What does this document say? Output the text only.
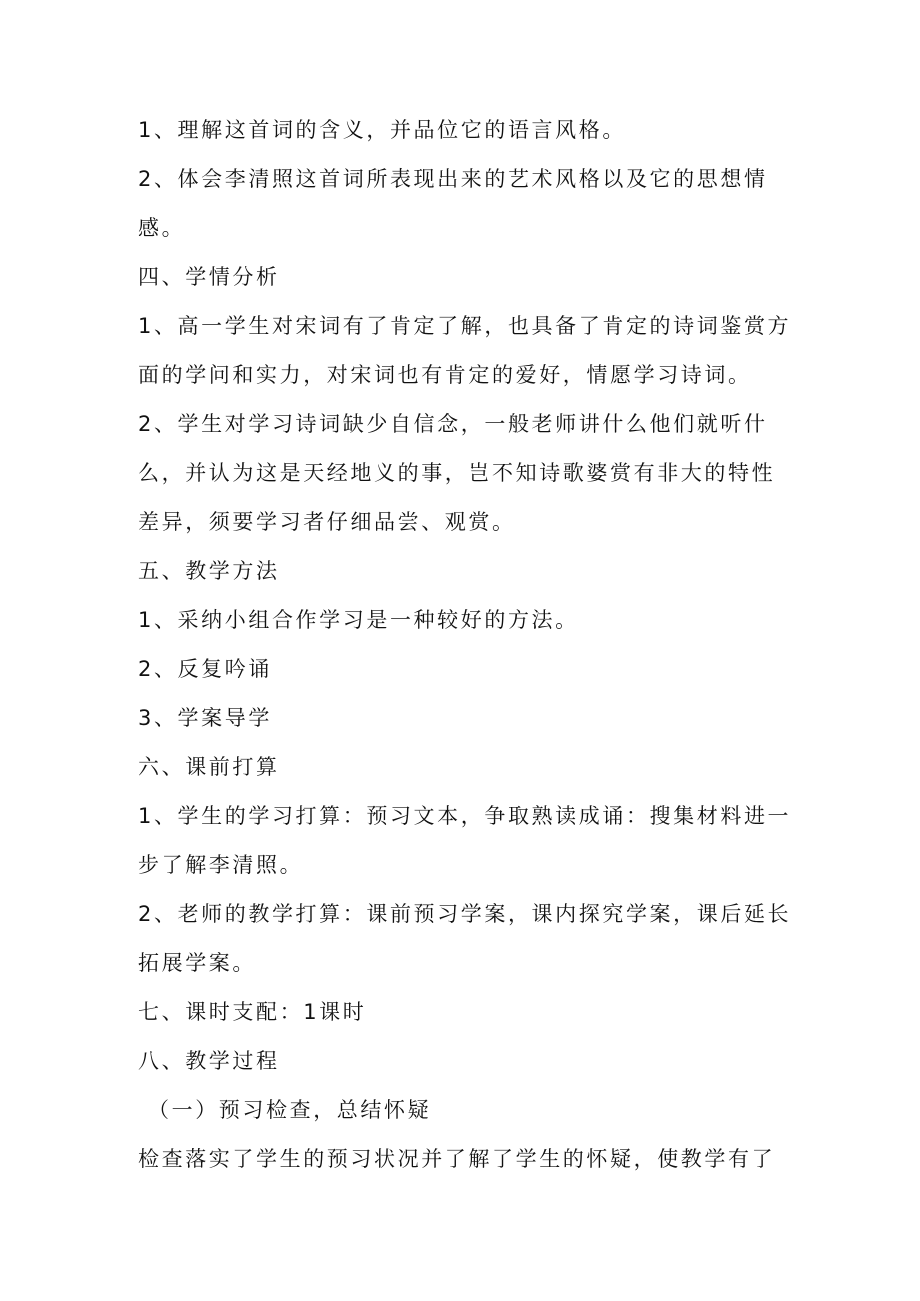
1、理解这首词的含义，并品位它的语言风格。
2、体会李清照这首词所表现出来的艺术风格以及它的思想情
感。
四、学情分析
1、高一学生对宋词有了肯定了解，也具备了肯定的诗词鉴赏方
面的学问和实力，对宋词也有肯定的爱好，情愿学习诗词。
2、学生对学习诗词缺少自信念，一般老师讲什么他们就听什
么，并认为这是天经地义的事，岂不知诗歌婆赏有非大的特性
差异，须要学习者仔细品尝、观赏。
五、教学方法
1、采纳小组合作学习是一种较好的方法。
2、反复吟诵
3、学案导学
六、课前打算
1、学生的学习打算：预习文本，争取熟读成诵：搜集材料进一
步了解李清照。
2、老师的教学打算：课前预习学案，课内探究学案，课后延长
拓展学案。
七、课时支配：1课时
八、教学过程
（一）预习检查，总结怀疑
检查落实了学生的预习状况并了解了学生的怀疑，使教学有了
